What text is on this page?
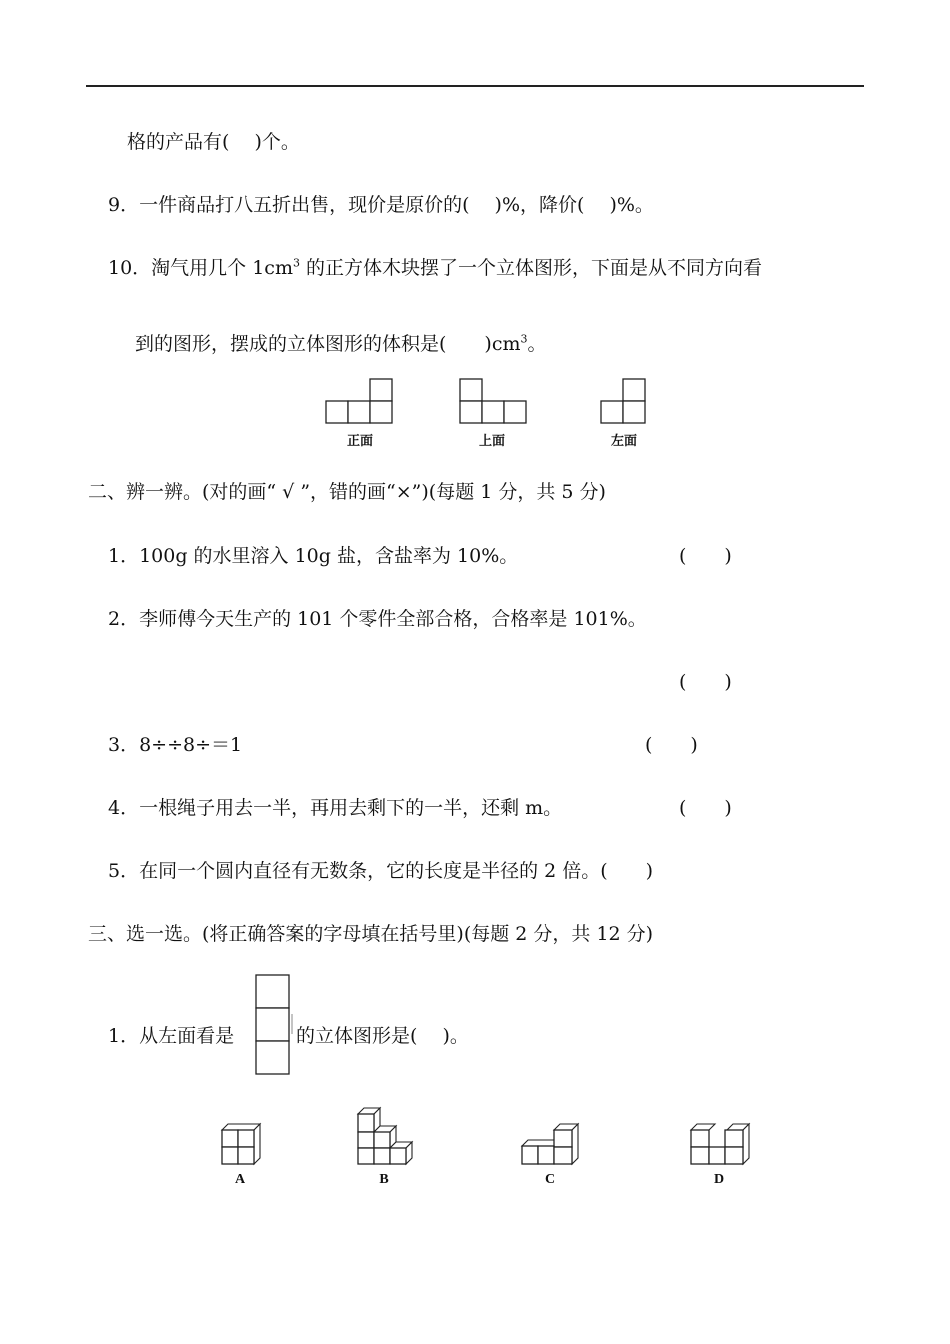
格的产品有(　 )个。
9．一件商品打八五折出售，现价是原价的(　 )%，降价(　 )%。
10．淘气用几个 $1cm^3$ 的正方体木块摆了一个立体图形，下面是从不同方向看
到的图形，摆成的立体图形的体积是(　　)$cm^3$。
正面	上面	左面
二、辨一辨。(对的画“ √ ”，错的画“×”)(每题 1 分，共 5 分)
1．100g 的水里溶入 10g 盐，含盐率为 10%。	(　　)
2．李师傅今天生产的 101 个零件全部合格，合格率是 101%。
(　　)
3．8÷÷8÷＝1	(　　)
4．一根绳子用去一半，再用去剩下的一半，还剩 m。	(　　)
5．在同一个圆内直径有无数条，它的长度是半径的 2 倍。(　　)
三、选一选。(将正确答案的字母填在括号里)(每题 2 分，共 12 分)
1．从左面看是	的立体图形是(　 )。
A	B	C	D
